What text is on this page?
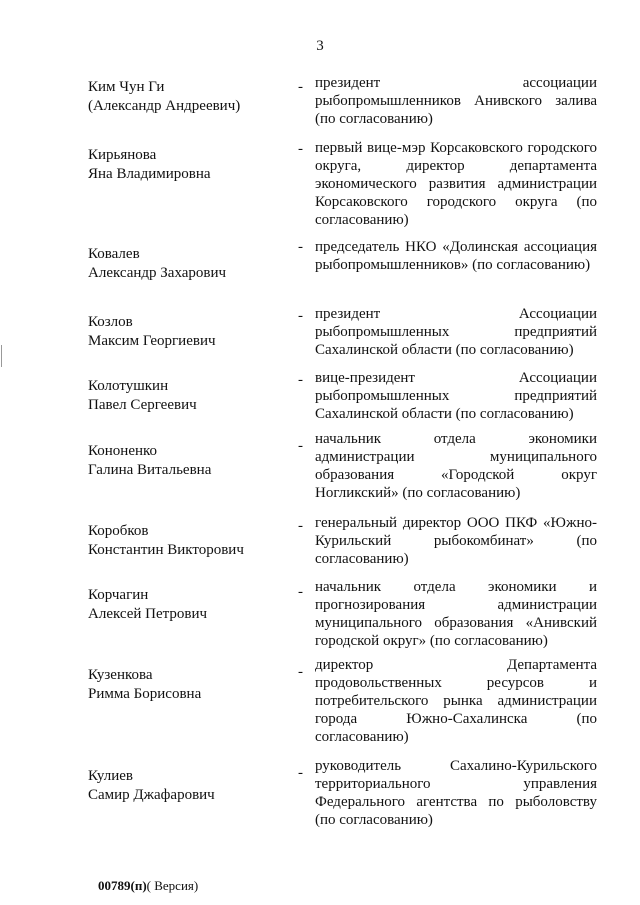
3
Ким Чун Ги
(Александр Андреевич)
- президент ассоциации рыбопромышленников Анивского залива (по согласованию)
Кирьянова
Яна Владимировна
- первый вице-мэр Корсаковского городского округа, директор департамента экономического развития администрации Корсаковского городского округа (по согласованию)
Ковалев
Александр Захарович
- председатель НКО «Долинская ассоциация рыбопромышленников» (по согласованию)
Козлов
Максим Георгиевич
- президент Ассоциации рыбопромышленных предприятий Сахалинской области (по согласованию)
Колотушкин
Павел Сергеевич
- вице-президент Ассоциации рыбопромышленных предприятий Сахалинской области (по согласованию)
Кононенко
Галина Витальевна
- начальник отдела экономики администрации муниципального образования «Городской округ Ногликский» (по согласованию)
Коробков
Константин Викторович
- генеральный директор ООО ПКФ «Южно-Курильский рыбокомбинат» (по согласованию)
Корчагин
Алексей Петрович
- начальник отдела экономики и прогнозирования администрации муниципального образования «Анивский городской округ» (по согласованию)
Кузенкова
Римма Борисовна
- директор Департамента продовольственных ресурсов и потребительского рынка администрации города Южно-Сахалинска (по согласованию)
Кулиев
Самир Джафарович
- руководитель Сахалино-Курильского территориального управления Федерального агентства по рыболовству (по согласованию)
00789(п)( Версия)
